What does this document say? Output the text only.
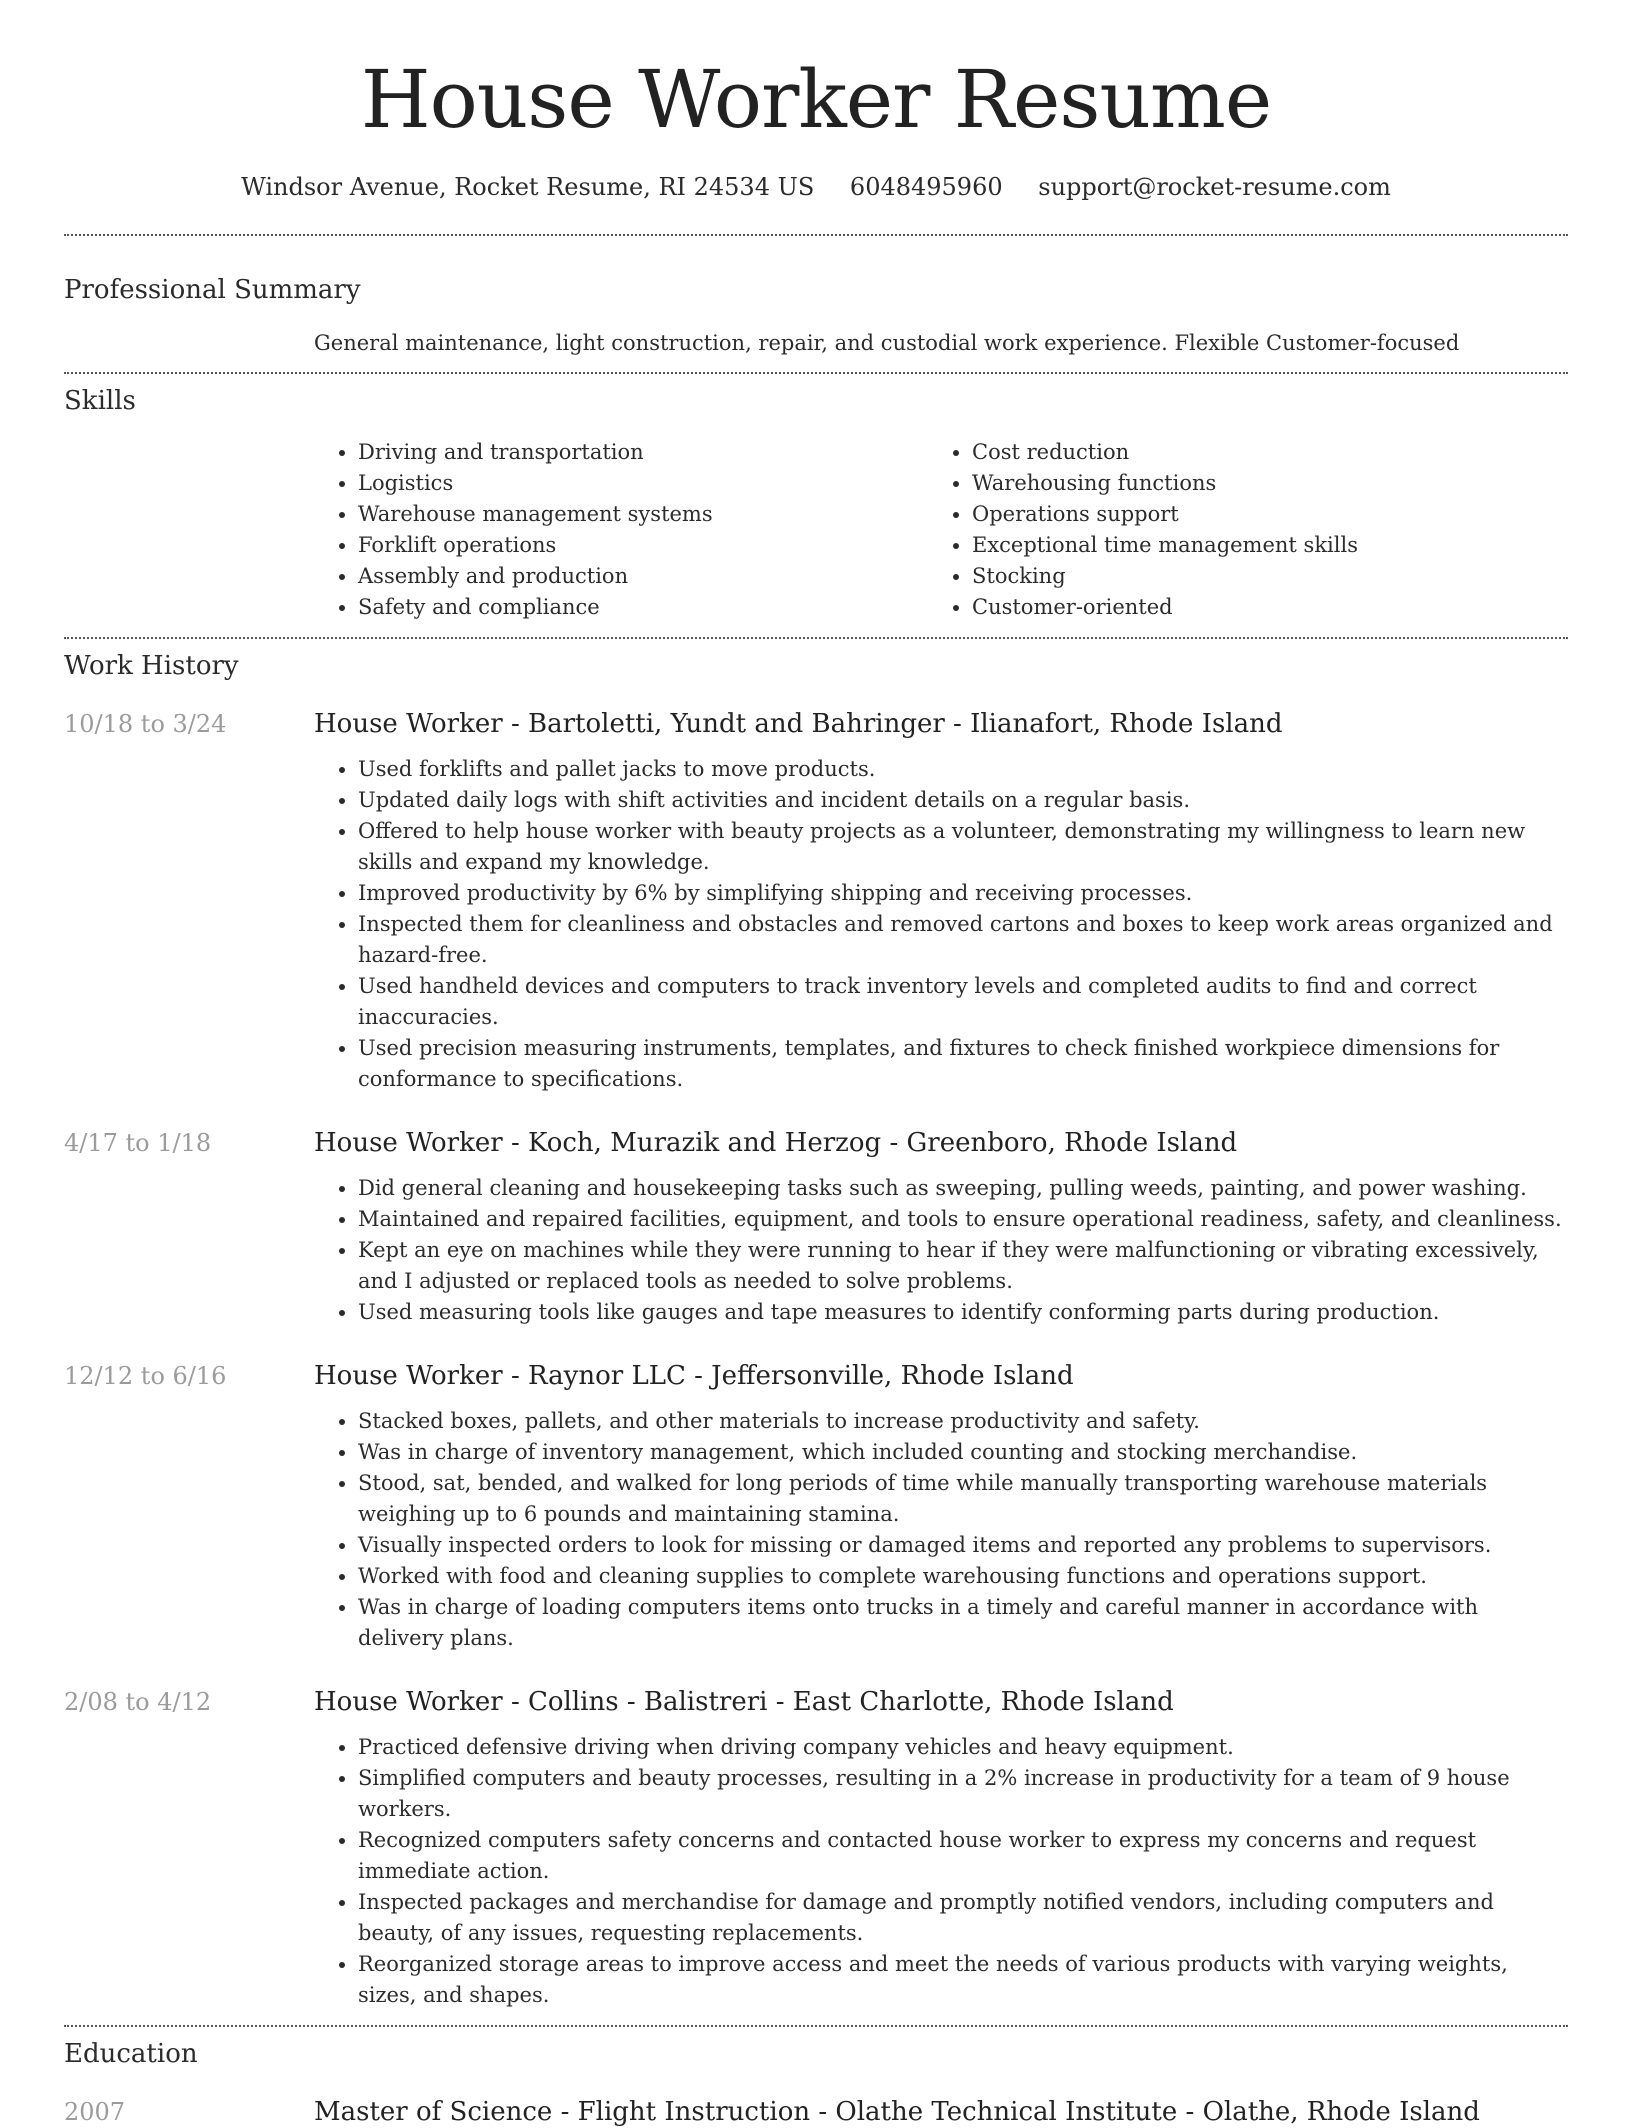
House Worker Resume
Windsor Avenue, Rocket Resume, RI 24534 US 6048495960 support@rocket-resume.com
Professional Summary
General maintenance, light construction, repair, and custodial work experience. Flexible Customer-focused
Skills
• Driving and transportation
• Logistics
• Warehouse management systems
• Forklift operations
• Assembly and production
• Safety and compliance
• Cost reduction
• Warehousing functions
• Operations support
• Exceptional time management skills
• Stocking
• Customer-oriented
Work History
10/18 to 3/24	House Worker - Bartoletti, Yundt and Bahringer - Ilianafort, Rhode Island
• Used forklifts and pallet jacks to move products.
• Updated daily logs with shift activities and incident details on a regular basis.
• Offered to help house worker with beauty projects as a volunteer, demonstrating my willingness to learn new skills and expand my knowledge.
• Improved productivity by 6% by simplifying shipping and receiving processes.
• Inspected them for cleanliness and obstacles and removed cartons and boxes to keep work areas organized and hazard-free.
• Used handheld devices and computers to track inventory levels and completed audits to find and correct inaccuracies.
• Used precision measuring instruments, templates, and fixtures to check finished workpiece dimensions for conformance to specifications.
4/17 to 1/18	House Worker - Koch, Murazik and Herzog - Greenboro, Rhode Island
• Did general cleaning and housekeeping tasks such as sweeping, pulling weeds, painting, and power washing.
• Maintained and repaired facilities, equipment, and tools to ensure operational readiness, safety, and cleanliness.
• Kept an eye on machines while they were running to hear if they were malfunctioning or vibrating excessively, and I adjusted or replaced tools as needed to solve problems.
• Used measuring tools like gauges and tape measures to identify conforming parts during production.
12/12 to 6/16	House Worker - Raynor LLC - Jeffersonville, Rhode Island
• Stacked boxes, pallets, and other materials to increase productivity and safety.
• Was in charge of inventory management, which included counting and stocking merchandise.
• Stood, sat, bended, and walked for long periods of time while manually transporting warehouse materials weighing up to 6 pounds and maintaining stamina.
• Visually inspected orders to look for missing or damaged items and reported any problems to supervisors.
• Worked with food and cleaning supplies to complete warehousing functions and operations support.
• Was in charge of loading computers items onto trucks in a timely and careful manner in accordance with delivery plans.
2/08 to 4/12	House Worker - Collins - Balistreri - East Charlotte, Rhode Island
• Practiced defensive driving when driving company vehicles and heavy equipment.
• Simplified computers and beauty processes, resulting in a 2% increase in productivity for a team of 9 house workers.
• Recognized computers safety concerns and contacted house worker to express my concerns and request immediate action.
• Inspected packages and merchandise for damage and promptly notified vendors, including computers and beauty, of any issues, requesting replacements.
• Reorganized storage areas to improve access and meet the needs of various products with varying weights, sizes, and shapes.
Education
2007	Master of Science - Flight Instruction - Olathe Technical Institute - Olathe, Rhode Island
